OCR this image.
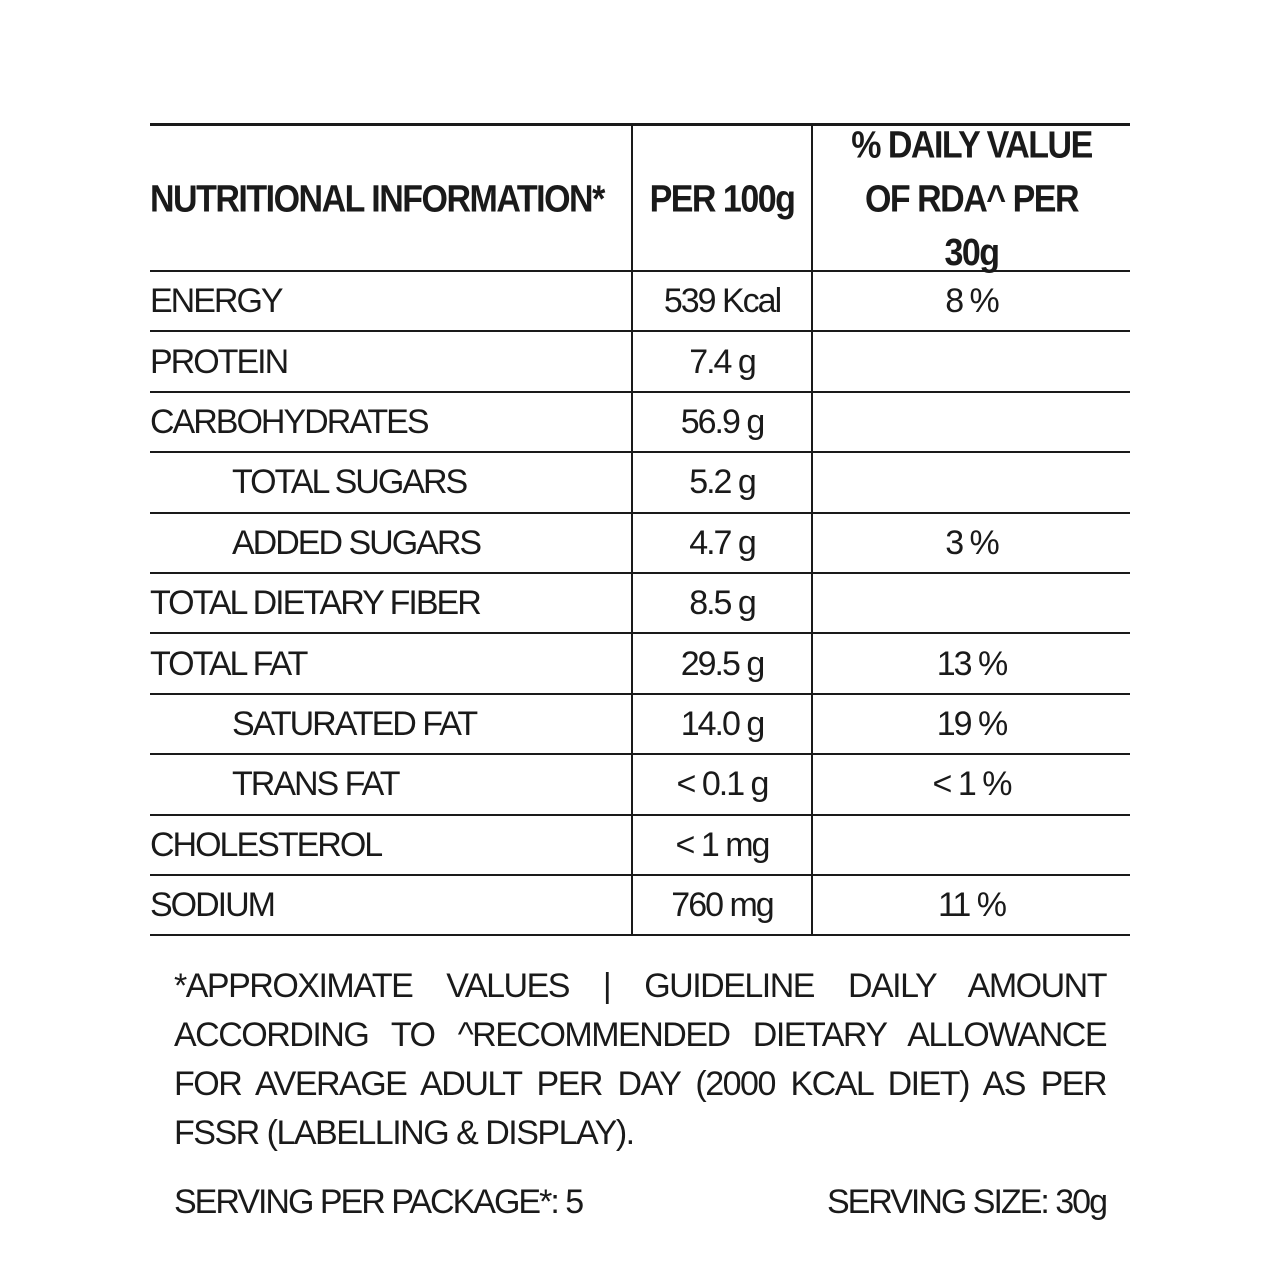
NUTRITIONAL INFORMATION*	PER 100g	% DAILY VALUE OF RDA^ PER 30g
ENERGY	539 Kcal	8 %
PROTEIN	7.4 g	
CARBOHYDRATES	56.9 g	
TOTAL SUGARS	5.2 g	
ADDED SUGARS	4.7 g	3 %
TOTAL DIETARY FIBER	8.5 g	
TOTAL FAT	29.5 g	13 %
SATURATED FAT	14.0 g	19 %
TRANS FAT	< 0.1 g	< 1 %
CHOLESTEROL	< 1 mg	
SODIUM	760 mg	11 %
*APPROXIMATE VALUES | GUIDELINE DAILY AMOUNT ACCORDING TO ^RECOMMENDED DIETARY ALLOWANCE FOR AVERAGE ADULT PER DAY (2000 KCAL DIET) AS PER FSSR (LABELLING & DISPLAY).
SERVING PER PACKAGE*: 5	SERVING SIZE: 30g
